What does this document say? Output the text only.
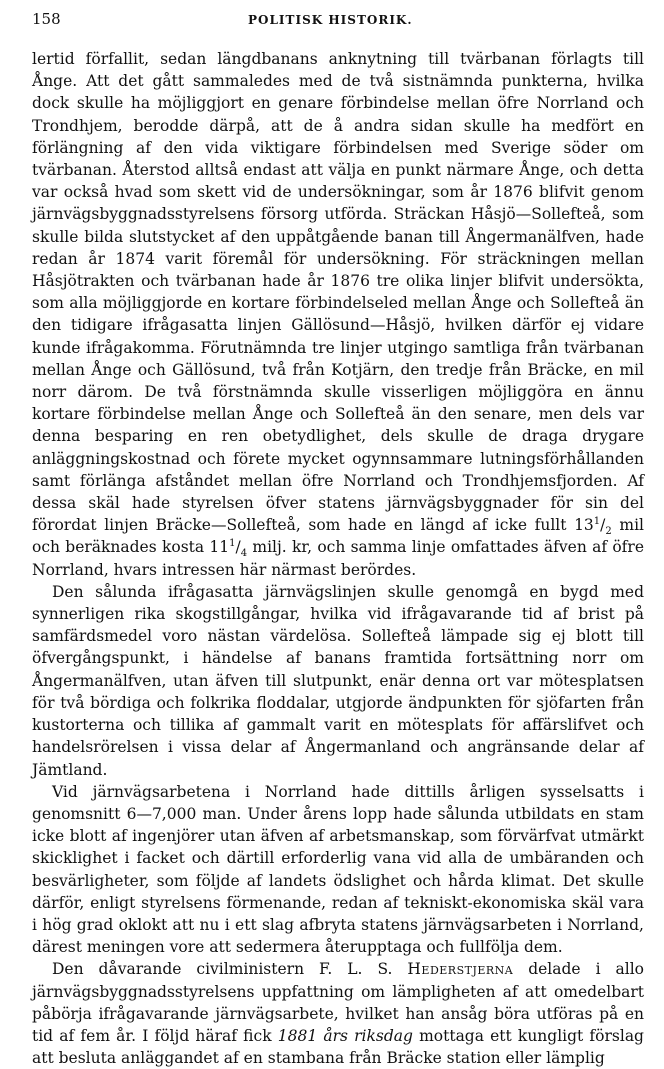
158	POLITISK HISTORIK.

lertid förfallit, sedan längdbanans anknytning till tvärbanan förlagts till Ånge. Att det gått sammaledes med de två sistnämnda punkterna, hvilka dock skulle ha möjliggjort en genare förbindelse mellan öfre Norrland och Trondhjem, berodde därpå, att de å andra sidan skulle ha medfört en förlängning af den vida viktigare förbindelsen med Sverige söder om tvärbanan. Återstod alltså endast att välja en punkt närmare Ånge, och detta var också hvad som skett vid de undersökningar, som år 1876 blifvit genom järnvägsbyggnadsstyrelsens försorg utförda. Sträckan Håsjö—Sollefteå, som skulle bilda slutstycket af den uppåtgående banan till Ångermanälfven, hade redan år 1874 varit föremål för undersökning. För sträckningen mellan Håsjötrakten och tvärbanan hade år 1876 tre olika linjer blifvit undersökta, som alla möjliggjorde en kortare förbindelseled mellan Ånge och Sollefteå än den tidigare ifrågasatta linjen Gällösund—Håsjö, hvilken därför ej vidare kunde ifrågakomma. Förutnämnda tre linjer utgingo samtliga från tvärbanan mellan Ånge och Gällösund, två från Kotjärn, den tredje från Bräcke, en mil norr därom. De två förstnämnda skulle visserligen möjliggöra en ännu kortare förbindelse mellan Ånge och Sollefteå än den senare, men dels var denna besparing en ren obetydlighet, dels skulle de draga drygare anläggningskostnad och förete mycket ogynnsammare lutningsförhållanden samt förlänga afståndet mellan öfre Norrland och Trondhjemsfjorden. Af dessa skäl hade styrelsen öfver statens järnvägsbyggnader för sin del förordat linjen Bräcke—Sollefteå, som hade en längd af icke fullt $13^1/_2$ mil och beräknades kosta $11^1/_4$ milj. kr, och samma linje omfattades äfven af öfre Norrland, hvars intressen här närmast berördes.

Den sålunda ifrågasatta järnvägslinjen skulle genomgå en bygd med synnerligen rika skogstillgångar, hvilka vid ifrågavarande tid af brist på samfärdsmedel voro nästan värdelösa. Sollefteå lämpade sig ej blott till öfvergångspunkt, i händelse af banans framtida fortsättning norr om Ångermanälfven, utan äfven till slutpunkt, enär denna ort var mötesplatsen för två bördiga och folkrika floddalar, utgjorde ändpunkten för sjöfarten från kustorterna och tillika af gammalt varit en mötesplats för affärslifvet och handelsrörelsen i vissa delar af Ångermanland och angränsande delar af Jämtland.

Vid järnvägsarbetena i Norrland hade dittills årligen sysselsatts i genomsnitt 6—7,000 man. Under årens lopp hade sålunda utbildats en stam icke blott af ingenjörer utan äfven af arbetsmanskap, som förvärfvat utmärkt skicklighet i facket och därtill erforderlig vana vid alla de umbäranden och besvärligheter, som följde af landets ödslighet och hårda klimat. Det skulle därför, enligt styrelsens förmenande, redan af tekniskt-ekonomiska skäl vara i hög grad oklokt att nu i ett slag afbryta statens järnvägsarbeten i Norrland, därest meningen vore att sedermera återupptaga och fullfölja dem.

Den dåvarande civilministern F. L. S. Hederstjerna delade i allo järnvägsbyggnadsstyrelsens uppfattning om lämpligheten af att omedelbart påbörja ifrågavarande järnvägsarbete, hvilket han ansåg böra utföras på en tid af fem år. I följd häraf fick 1881 års riksdag mottaga ett kungligt förslag att besluta anläggandet af en stambana från Bräcke station eller lämplig
